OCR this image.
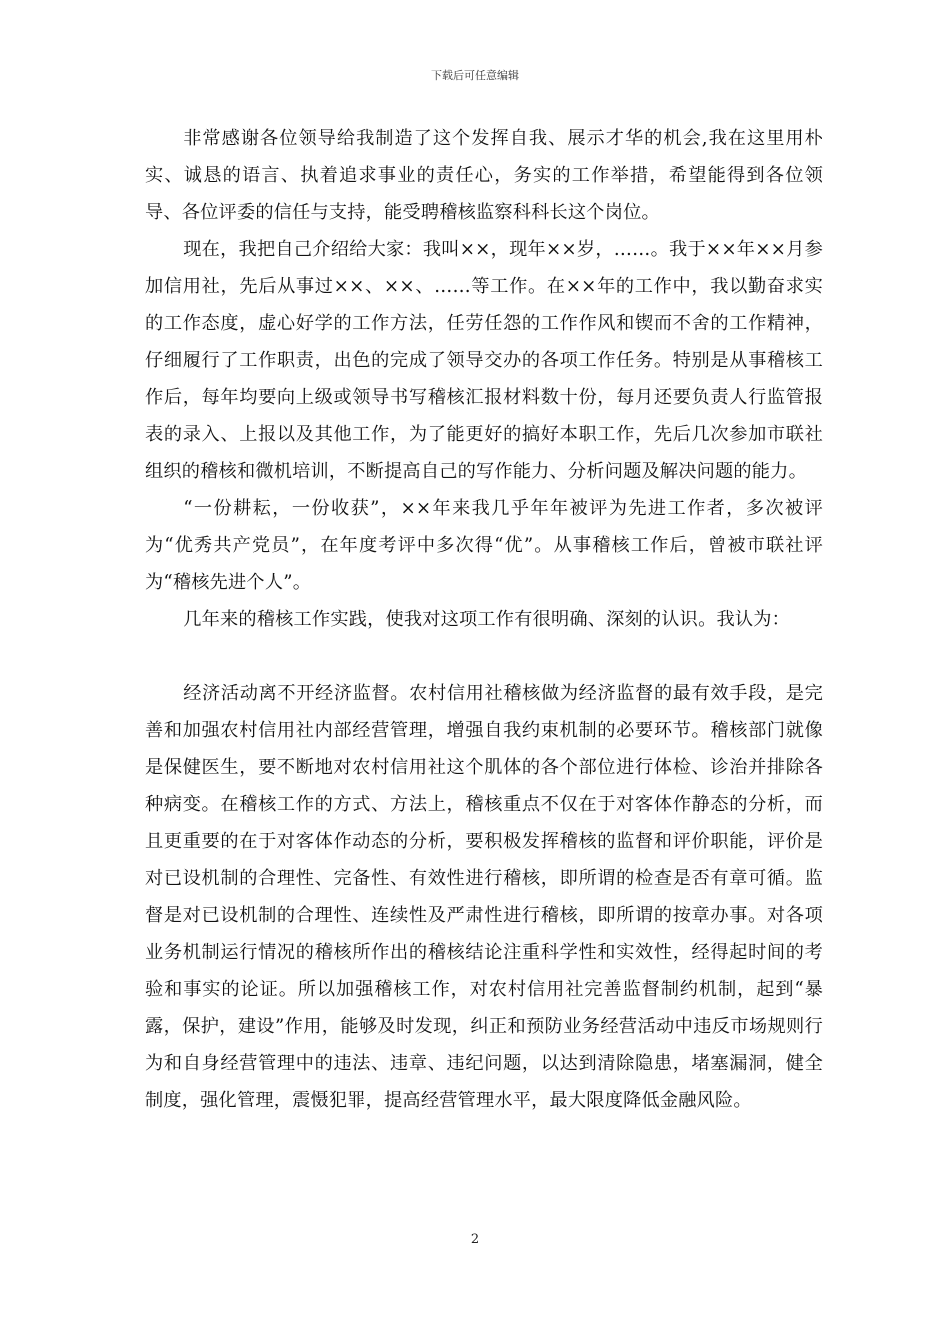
下载后可任意编辑

非常感谢各位领导给我制造了这个发挥自我、展示才华的机会,我在这里用朴实、诚恳的语言、执着追求事业的责任心，务实的工作举措，希望能得到各位领导、各位评委的信任与支持，能受聘稽核监察科科长这个岗位。

现在，我把自己介绍给大家：我叫××，现年××岁，……。我于××年××月参加信用社，先后从事过××、××、……等工作。在××年的工作中，我以勤奋求实的工作态度，虚心好学的工作方法，任劳任怨的工作作风和锲而不舍的工作精神，仔细履行了工作职责，出色的完成了领导交办的各项工作任务。特别是从事稽核工作后，每年均要向上级或领导书写稽核汇报材料数十份，每月还要负责人行监管报表的录入、上报以及其他工作，为了能更好的搞好本职工作，先后几次参加市联社组织的稽核和微机培训，不断提高自己的写作能力、分析问题及解决问题的能力。

“一份耕耘，一份收获”，××年来我几乎年年被评为先进工作者，多次被评为“优秀共产党员”，在年度考评中多次得“优”。从事稽核工作后，曾被市联社评为“稽核先进个人”。

几年来的稽核工作实践，使我对这项工作有很明确、深刻的认识。我认为：

经济活动离不开经济监督。农村信用社稽核做为经济监督的最有效手段，是完善和加强农村信用社内部经营管理，增强自我约束机制的必要环节。稽核部门就像是保健医生，要不断地对农村信用社这个肌体的各个部位进行体检、诊治并排除各种病变。在稽核工作的方式、方法上，稽核重点不仅在于对客体作静态的分析，而且更重要的在于对客体作动态的分析，要积极发挥稽核的监督和评价职能，评价是对已设机制的合理性、完备性、有效性进行稽核，即所谓的检查是否有章可循。监督是对已设机制的合理性、连续性及严肃性进行稽核，即所谓的按章办事。对各项业务机制运行情况的稽核所作出的稽核结论注重科学性和实效性，经得起时间的考验和事实的论证。所以加强稽核工作，对农村信用社完善监督制约机制，起到“暴露，保护，建设”作用，能够及时发现，纠正和预防业务经营活动中违反市场规则行为和自身经营管理中的违法、违章、违纪问题，以达到清除隐患，堵塞漏洞，健全制度，强化管理，震慑犯罪，提高经营管理水平，最大限度降低金融风险。

2
